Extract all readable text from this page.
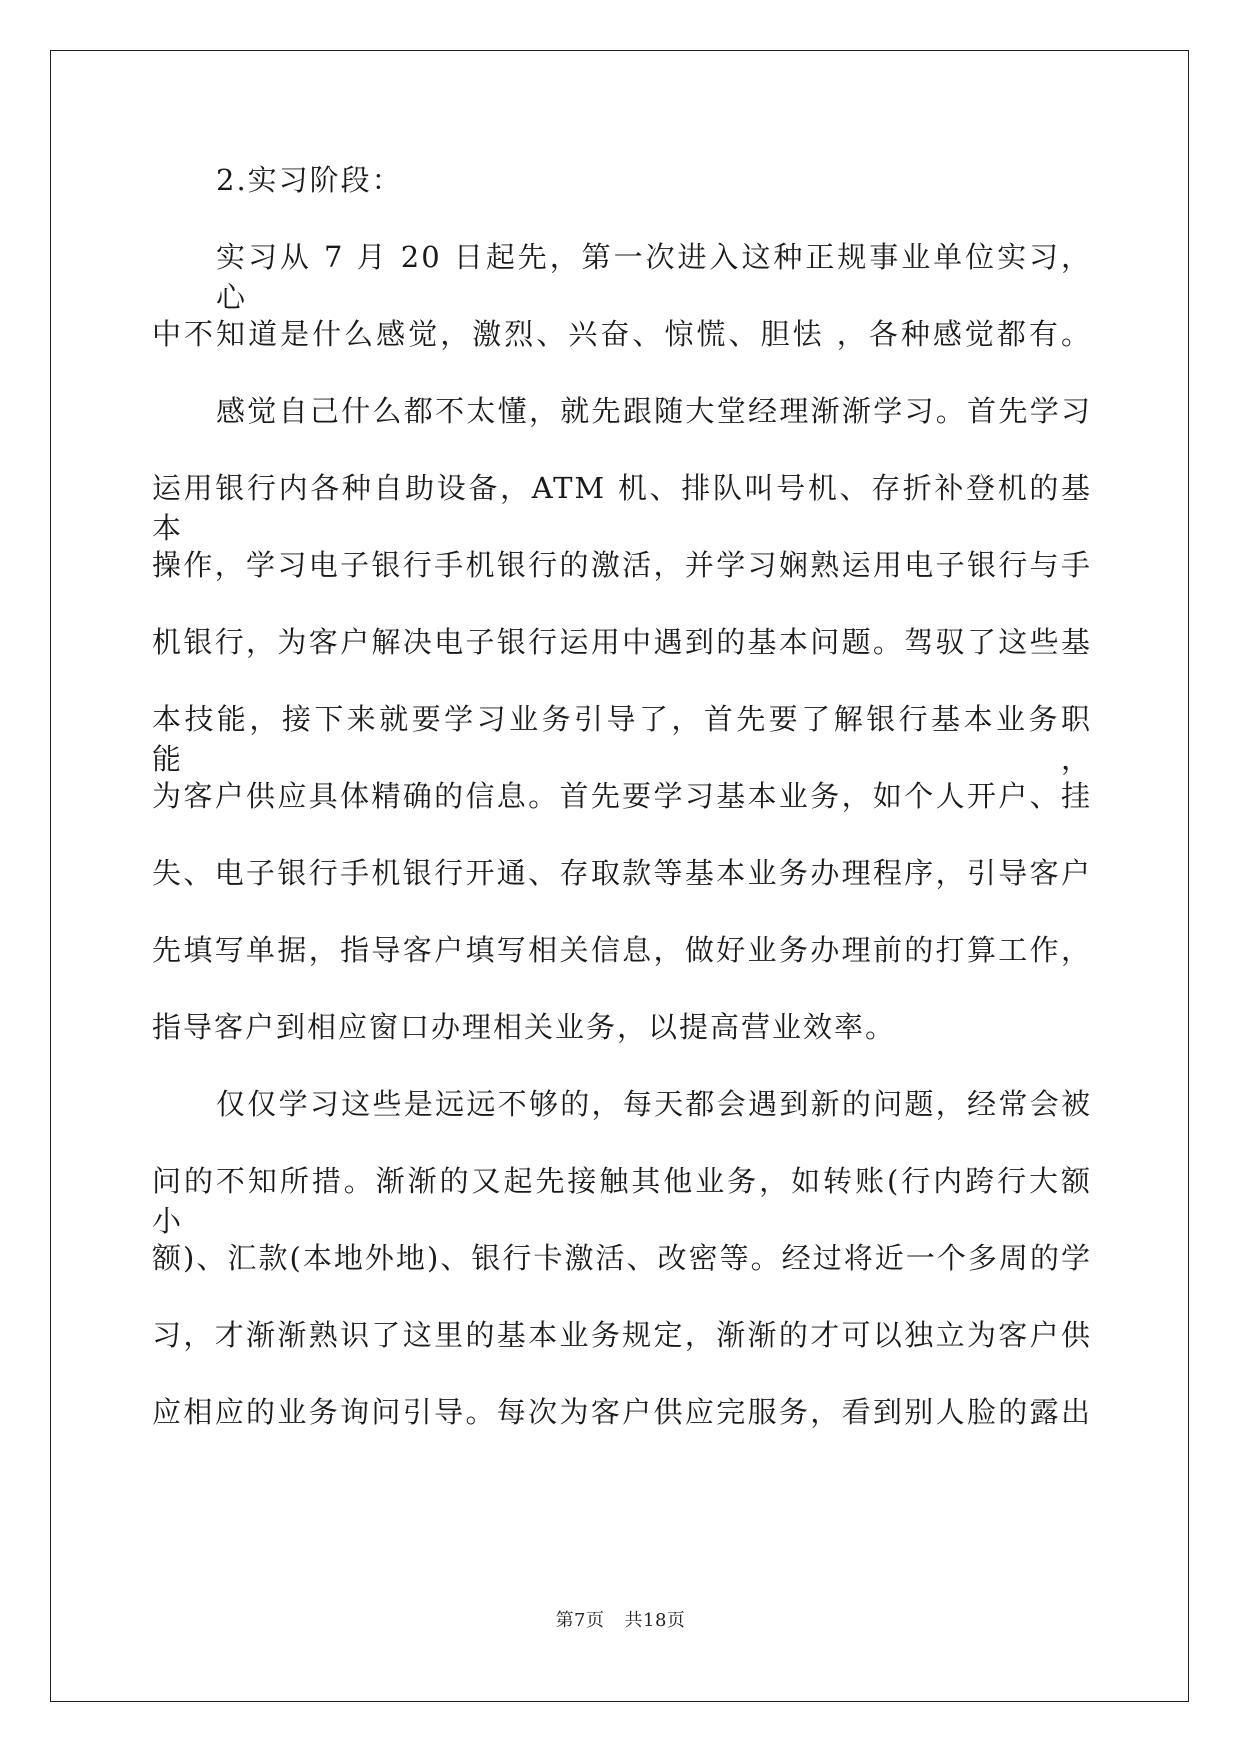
2.实习阶段：
实习从 7 月 20 日起先，第一次进入这种正规事业单位实习，心
中不知道是什么感觉，激烈、兴奋、惊慌、胆怯 ，各种感觉都有。
感觉自己什么都不太懂，就先跟随大堂经理渐渐学习。首先学习
运用银行内各种自助设备，ATM 机、排队叫号机、存折补登机的基本
操作，学习电子银行手机银行的激活，并学习娴熟运用电子银行与手
机银行，为客户解决电子银行运用中遇到的基本问题。驾驭了这些基
本技能，接下来就要学习业务引导了，首先要了解银行基本业务职能，
为客户供应具体精确的信息。首先要学习基本业务，如个人开户、挂
失、电子银行手机银行开通、存取款等基本业务办理程序，引导客户
先填写单据，指导客户填写相关信息，做好业务办理前的打算工作，
指导客户到相应窗口办理相关业务，以提高营业效率。
仅仅学习这些是远远不够的，每天都会遇到新的问题，经常会被
问的不知所措。渐渐的又起先接触其他业务，如转账(行内跨行大额小
额)、汇款(本地外地)、银行卡激活、改密等。经过将近一个多周的学
习，才渐渐熟识了这里的基本业务规定，渐渐的才可以独立为客户供
应相应的业务询问引导。每次为客户供应完服务，看到别人脸的露出
第7页 共18页
